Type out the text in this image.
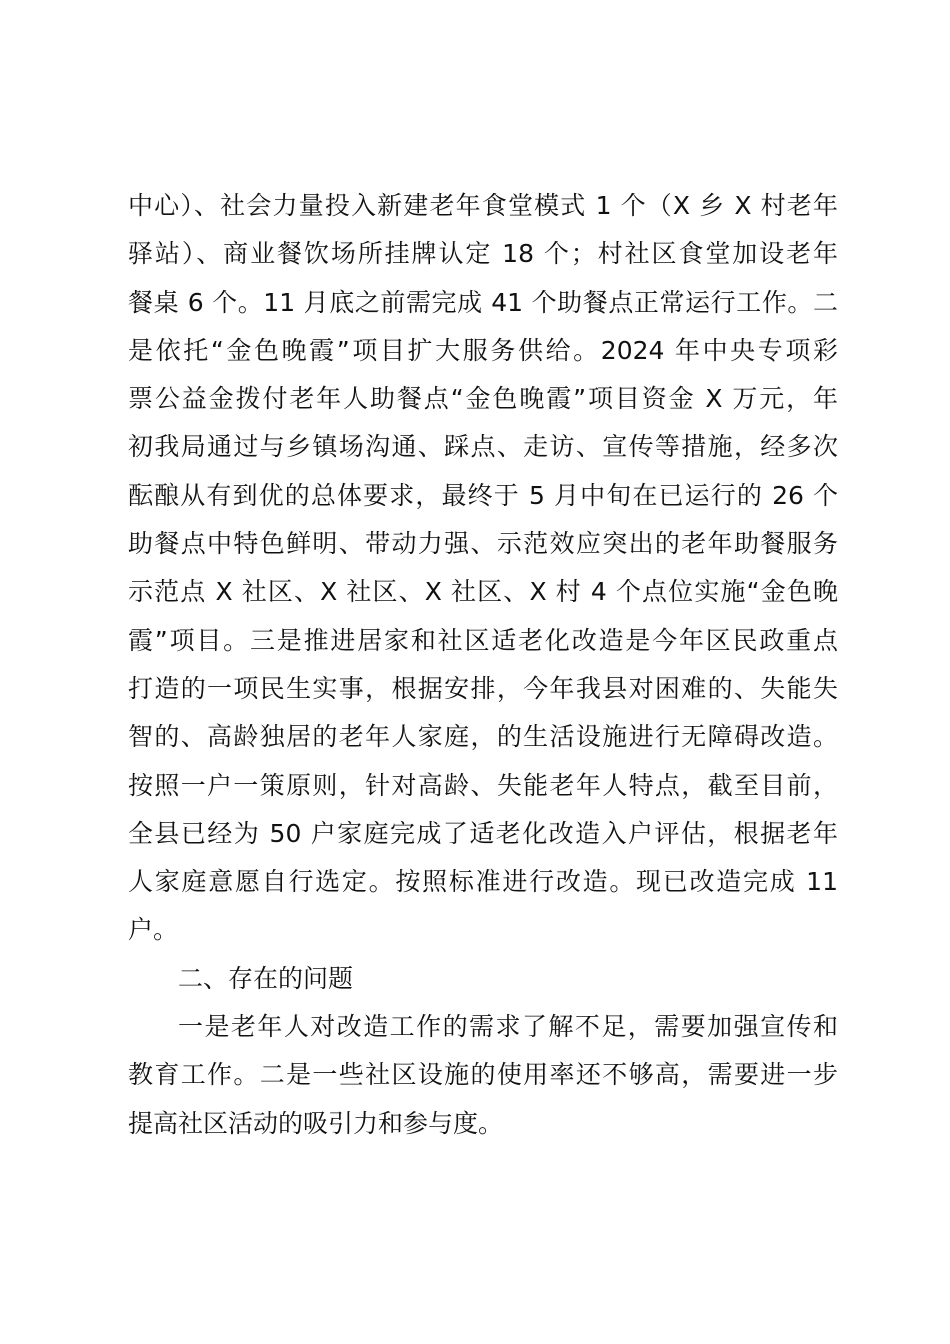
中心）、社会力量投入新建老年食堂模式 1 个（X 乡 X 村老年
驿站）、商业餐饮场所挂牌认定 18 个；村社区食堂加设老年
餐桌 6 个。11 月底之前需完成 41 个助餐点正常运行工作。二
是依托“金色晚霞”项目扩大服务供给。2024 年中央专项彩
票公益金拨付老年人助餐点“金色晚霞”项目资金 X 万元，年
初我局通过与乡镇场沟通、踩点、走访、宣传等措施，经多次
酝酿从有到优的总体要求，最终于 5 月中旬在已运行的 26 个
助餐点中特色鲜明、带动力强、示范效应突出的老年助餐服务
示范点 X 社区、X 社区、X 社区、X 村 4 个点位实施“金色晚
霞”项目。三是推进居家和社区适老化改造是今年区民政重点
打造的一项民生实事，根据安排，今年我县对困难的、失能失
智的、高龄独居的老年人家庭，的生活设施进行无障碍改造。
按照一户一策原则，针对高龄、失能老年人特点，截至目前，
全县已经为 50 户家庭完成了适老化改造入户评估，根据老年
人家庭意愿自行选定。按照标准进行改造。现已改造完成 11
户。
二、存在的问题
一是老年人对改造工作的需求了解不足，需要加强宣传和
教育工作。二是一些社区设施的使用率还不够高，需要进一步
提高社区活动的吸引力和参与度。
